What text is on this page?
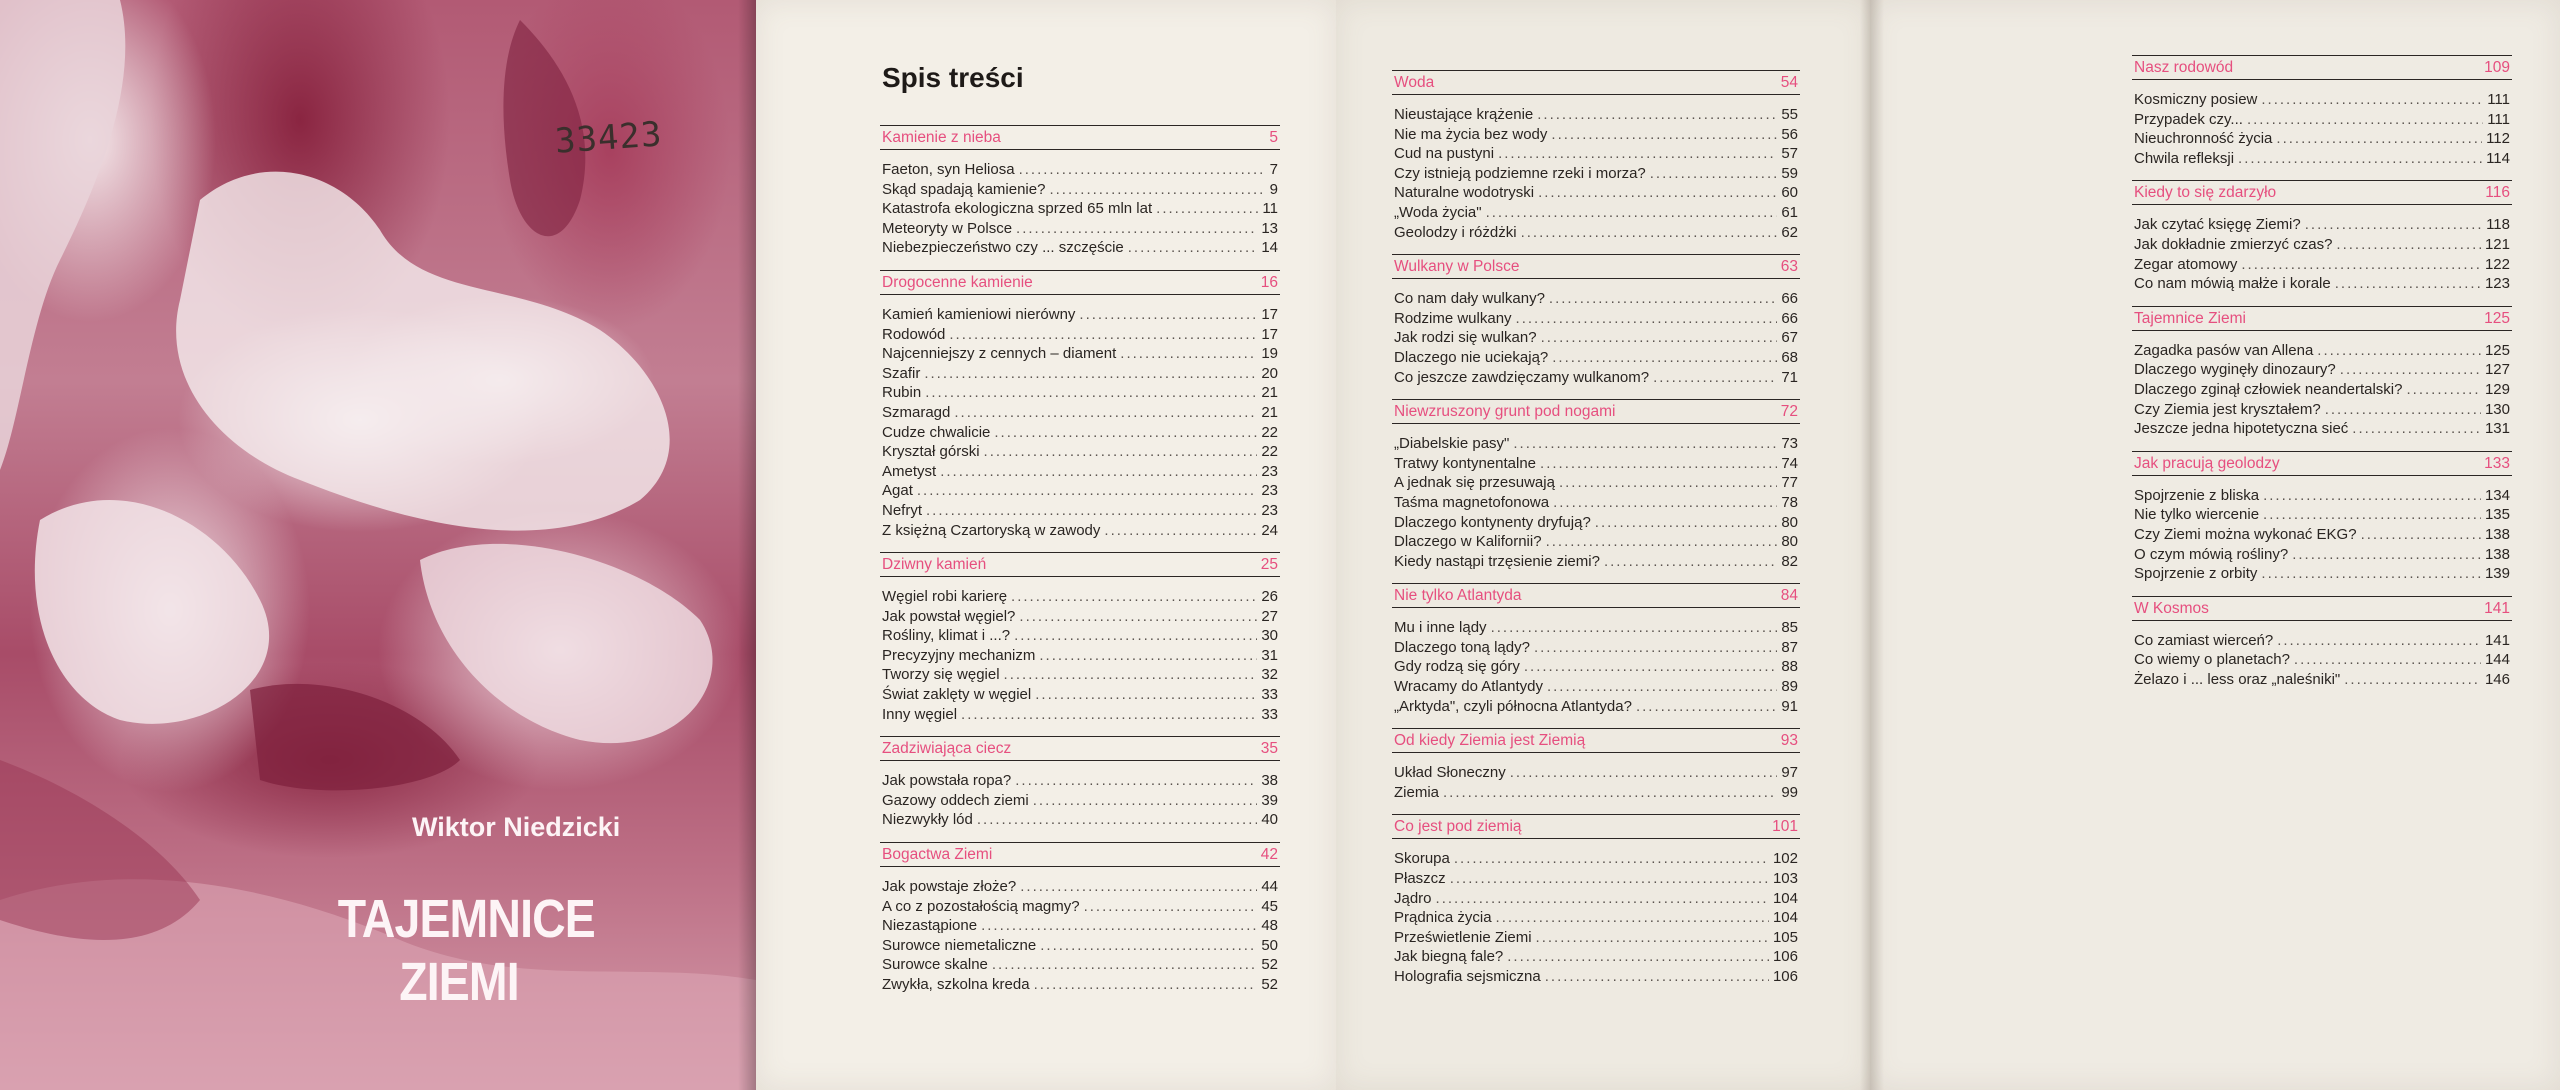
33423
Wiktor Niedzicki
TAJEMNICE
ZIEMI
Spis treści
Kamienie z nieba	5
Faeton, syn Heliosa .....	7
Skąd spadają kamienie? .....	9
Katastrofa ekologiczna sprzed 65 mln lat .....	11
Meteoryty w Polsce .....	13
Niebezpieczeństwo czy ... szczęście .....	14
Drogocenne kamienie	16
Kamień kamieniowi nierówny .....	17
Rodowód .....	17
Najcenniejszy z cennych – diament .....	19
Szafir .....	20
Rubin .....	21
Szmaragd .....	21
Cudze chwalicie .....	22
Kryształ górski .....	22
Ametyst .....	23
Agat .....	23
Nefryt .....	23
Z księżną Czartoryską w zawody .....	24
Dziwny kamień	25
Węgiel robi karierę .....	26
Jak powstał węgiel? .....	27
Rośliny, klimat i ...? .....	30
Precyzyjny mechanizm .....	31
Tworzy się węgiel .....	32
Świat zaklęty w węgiel .....	33
Inny węgiel .....	33
Zadziwiająca ciecz	35
Jak powstała ropa? .....	38
Gazowy oddech ziemi .....	39
Niezwykły lód .....	40
Bogactwa Ziemi	42
Jak powstaje złoże? .....	44
A co z pozostałością magmy? .....	45
Niezastąpione .....	48
Surowce niemetaliczne .....	50
Surowce skalne .....	52
Zwykła, szkolna kreda .....	52
Woda	54
Nieustające krążenie .....	55
Nie ma życia bez wody .....	56
Cud na pustyni .....	57
Czy istnieją podziemne rzeki i morza? .....	59
Naturalne wodotryski .....	60
„Woda życia" .....	61
Geolodzy i różdżki .....	62
Wulkany w Polsce	63
Co nam dały wulkany? .....	66
Rodzime wulkany .....	66
Jak rodzi się wulkan? .....	67
Dlaczego nie uciekają? .....	68
Co jeszcze zawdzięczamy wulkanom? .....	71
Niewzruszony grunt pod nogami	72
„Diabelskie pasy" .....	73
Tratwy kontynentalne .....	74
A jednak się przesuwają .....	77
Taśma magnetofonowa .....	78
Dlaczego kontynenty dryfują? .....	80
Dlaczego w Kalifornii? .....	80
Kiedy nastąpi trzęsienie ziemi? .....	82
Nie tylko Atlantyda	84
Mu i inne lądy .....	85
Dlaczego toną lądy? .....	87
Gdy rodzą się góry .....	88
Wracamy do Atlantydy .....	89
„Arktyda", czyli północna Atlantyda? .....	91
Od kiedy Ziemia jest Ziemią	93
Układ Słoneczny .....	97
Ziemia .....	99
Co jest pod ziemią	101
Skorupa .....	102
Płaszcz .....	103
Jądro .....	104
Prądnica życia .....	104
Prześwietlenie Ziemi .....	105
Jak biegną fale? .....	106
Holografia sejsmiczna .....	106
Nasz rodowód	109
Kosmiczny posiew .....	111
Przypadek czy... .....	111
Nieuchronność życia .....	112
Chwila refleksji .....	114
Kiedy to się zdarzyło	116
Jak czytać księgę Ziemi? .....	118
Jak dokładnie zmierzyć czas? .....	121
Zegar atomowy .....	122
Co nam mówią małże i korale .....	123
Tajemnice Ziemi	125
Zagadka pasów van Allena .....	125
Dlaczego wyginęły dinozaury? .....	127
Dlaczego zginął człowiek neandertalski? .....	129
Czy Ziemia jest kryształem? .....	130
Jeszcze jedna hipotetyczna sieć .....	131
Jak pracują geolodzy	133
Spojrzenie z bliska .....	134
Nie tylko wiercenie .....	135
Czy Ziemi można wykonać EKG? .....	138
O czym mówią rośliny? .....	138
Spojrzenie z orbity .....	139
W Kosmos	141
Co zamiast wierceń? .....	141
Co wiemy o planetach? .....	144
Żelazo i ... less oraz „naleśniki" .....	146
